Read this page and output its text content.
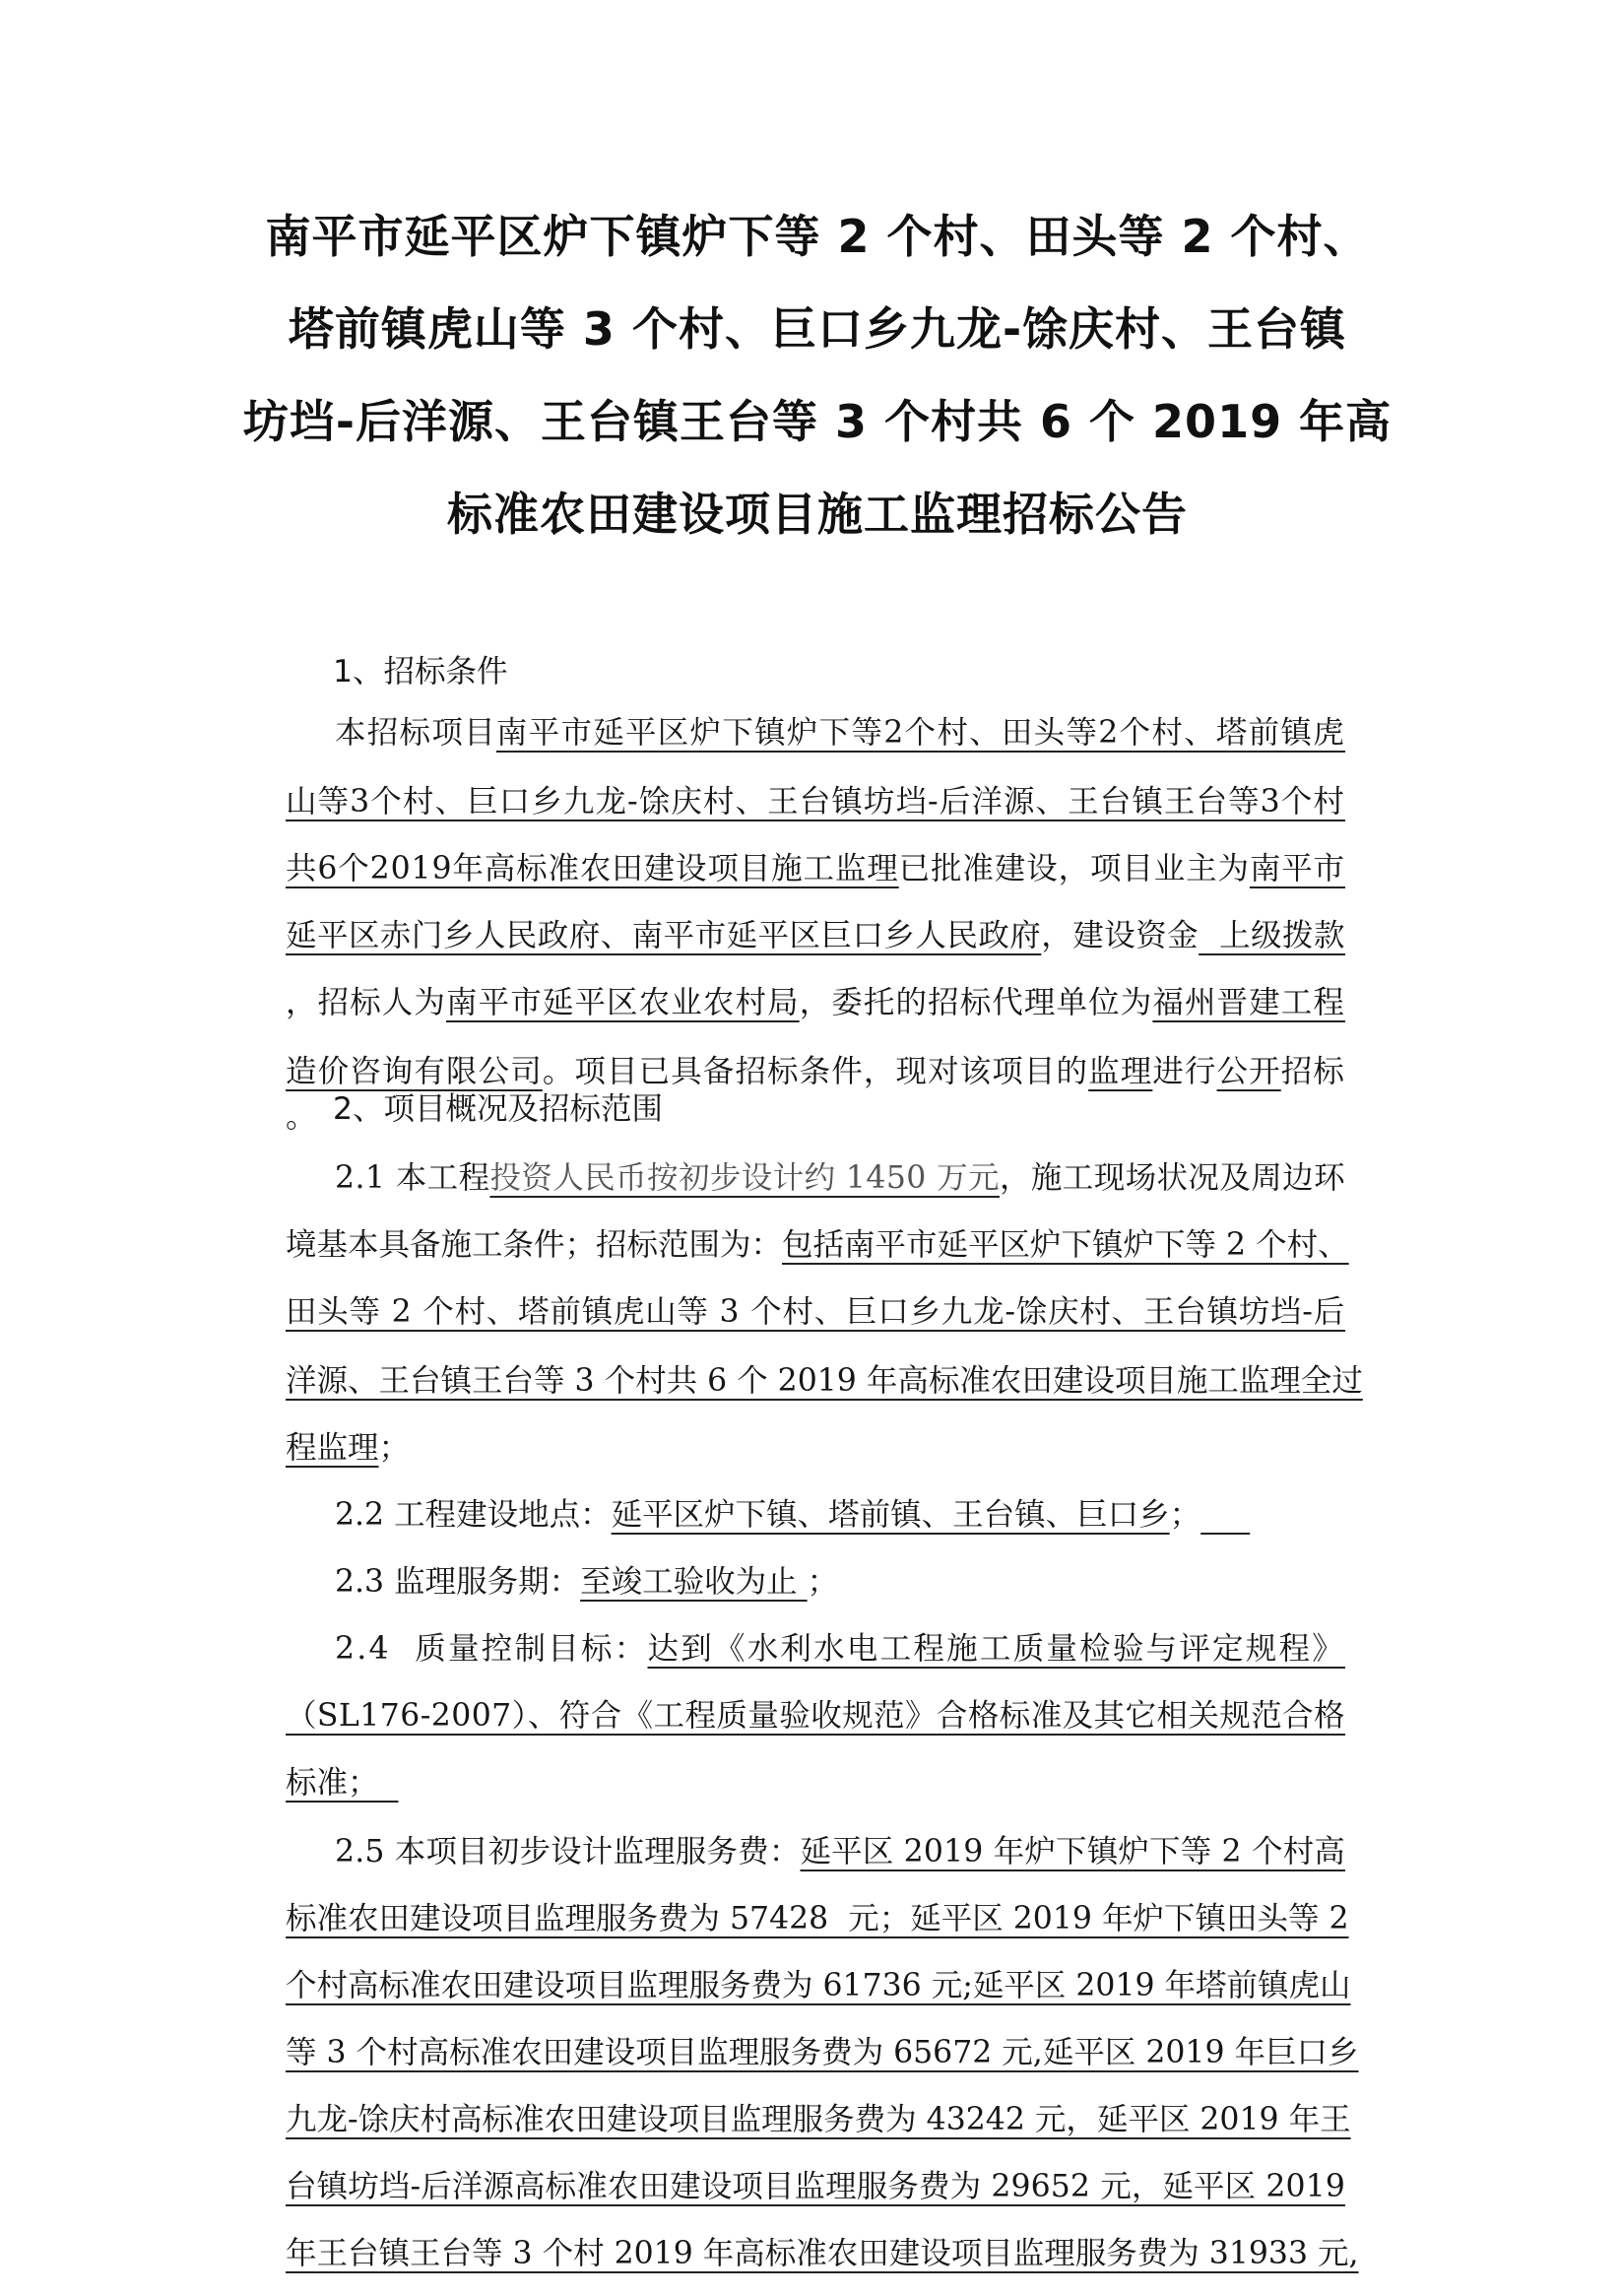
南平市延平区炉下镇炉下等 2 个村、田头等 2 个村、
塔前镇虎山等 3 个村、巨口乡九龙-馀庆村、王台镇
坊垱-后洋源、王台镇王台等 3 个村共 6 个 2019 年高
标准农田建设项目施工监理招标公告
1、招标条件
本招标项目南平市延平区炉下镇炉下等2个村、田头等2个村、塔前镇虎
山等3个村、巨口乡九龙-馀庆村、王台镇坊垱-后洋源、王台镇王台等3个村
共6个2019年高标准农田建设项目施工监理已批准建设，项目业主为南平市
延平区赤门乡人民政府、南平市延平区巨口乡人民政府，建设资金  上级拨款
，招标人为南平市延平区农业农村局，委托的招标代理单位为福州晋建工程
造价咨询有限公司。项目已具备招标条件，现对该项目的监理进行公开招标
。 2、项目概况及招标范围
2.1 本工程投资人民币按初步设计约 1450 万元，施工现场状况及周边环
境基本具备施工条件；招标范围为：包括南平市延平区炉下镇炉下等 2 个村、
田头等 2 个村、塔前镇虎山等 3 个村、巨口乡九龙-馀庆村、王台镇坊垱-后
洋源、王台镇王台等 3 个村共 6 个 2019 年高标准农田建设项目施工监理全过
程监理；
2.2 工程建设地点：延平区炉下镇、塔前镇、王台镇、巨口乡；
2.3 监理服务期：至竣工验收为止 ；
2.4  质量控制目标：达到《水利水电工程施工质量检验与评定规程》
（SL176-2007）、符合《工程质量验收规范》合格标准及其它相关规范合格
标准；
2.5 本项目初步设计监理服务费：延平区 2019 年炉下镇炉下等 2 个村高
标准农田建设项目监理服务费为 57428  元；延平区 2019 年炉下镇田头等 2
个村高标准农田建设项目监理服务费为 61736 元;延平区 2019 年塔前镇虎山
等 3 个村高标准农田建设项目监理服务费为 65672 元,延平区 2019 年巨口乡
九龙-馀庆村高标准农田建设项目监理服务费为 43242 元，延平区 2019 年王
台镇坊垱-后洋源高标准农田建设项目监理服务费为 29652 元，延平区 2019
年王台镇王台等 3 个村 2019 年高标准农田建设项目监理服务费为 31933 元,
